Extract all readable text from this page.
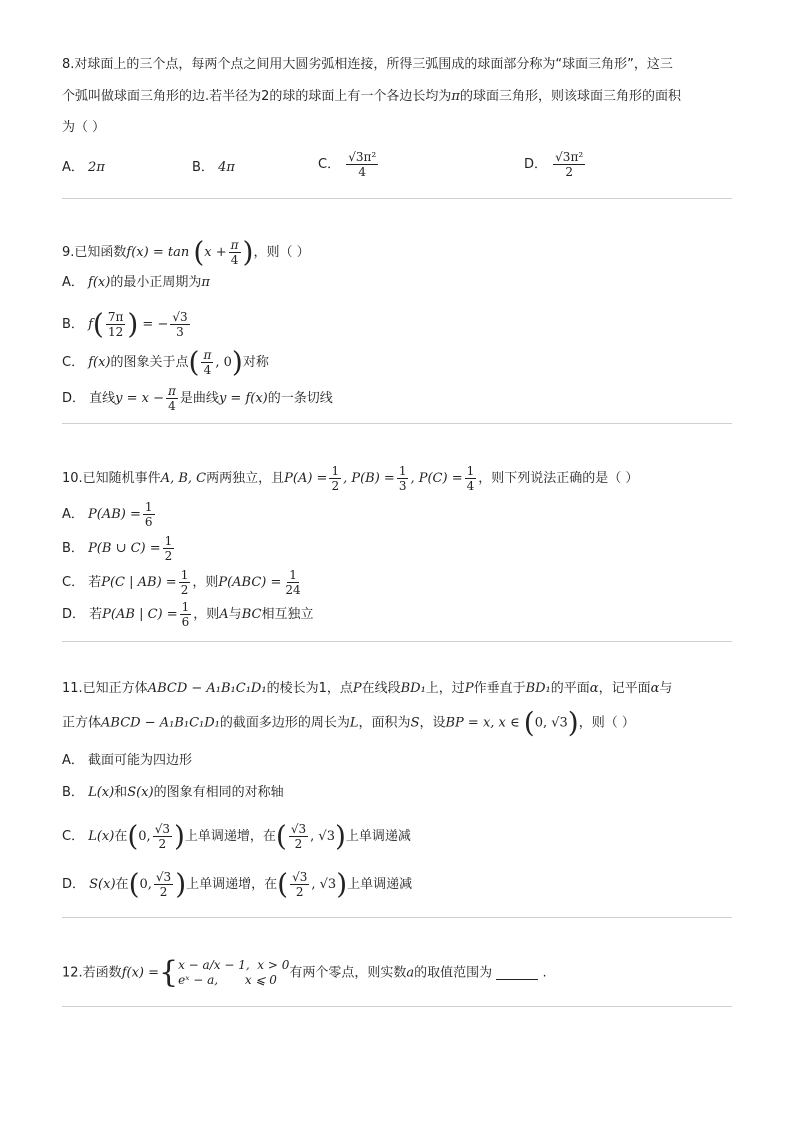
8.对球面上的三个点，每两个点之间用大圆劣弧相连接，所得三弧围成的球面部分称为“球面三角形”，这三
个弧叫做球面三角形的边.若半径为2的球的球面上有一个各边长均为π的球面三角形，则该球面三角形的面积
为（ ）
A． 2π	B． 4π	C． $\frac{\text{√3π²}}{4}$	D． $\frac{\text{√3π²}}{2}$
9.已知函数$f(x) = \tan (x + \frac{\pi}{4}$ )，则（ ）
A． f(x)的最小正周期为π
B． $f( \frac{7\pi}{12}$ ) = − $\frac{√3}{3}$
C． f(x)的图象关于点( $\frac{\pi}{4}$ , 0)对称
D． 直线$y = x - \frac{\pi}{4}$ 是曲线y = f(x)的一条切线
10.已知随机事件A, B, C两两独立，且$P(A) = \frac{1}{2}$ , $P(B) = \frac{1}{3}$ , $P(C) = \frac{1}{4}$ ，则下列说法正确的是（ ）
A． $P(AB) = \frac{1}{6}$
B． P(B ∪ $C) = \frac{1}{2}$
C． 若P(C | $AB) = \frac{1}{2}$ ，则$P(ABC) = \frac{1}{24}$
D． 若P(AB | $C) = \frac{1}{6}$ ，则A与BC相互独立
11.已知正方体ABCD − A₁B₁C₁D₁的棱长为1，点P在线段BD₁上，过P作垂直于BD₁的平面α，记平面α与
正方体ABCD − A₁B₁C₁D₁的截面多边形的周长为L，面积为S，设BP = x, x ∈ (0, √3)，则（ ）
A． 截面可能为四边形
B． L(x)和S(x)的图象有相同的对称轴
C． L(x)在(0, $\frac{√3}{2}$ )上单调递增，在( $\frac{√3}{2}$ , √3)上单调递减
D． S(x)在(0, $\frac{√3}{2}$ )上单调递增，在( $\frac{√3}{2}$ , √3)上单调递减
12.若函数f(x) ={ x − a/x − 1, x > 0
eˣ − a, x ⩽ 0 有两个零点，则实数a的取值范围为	.
